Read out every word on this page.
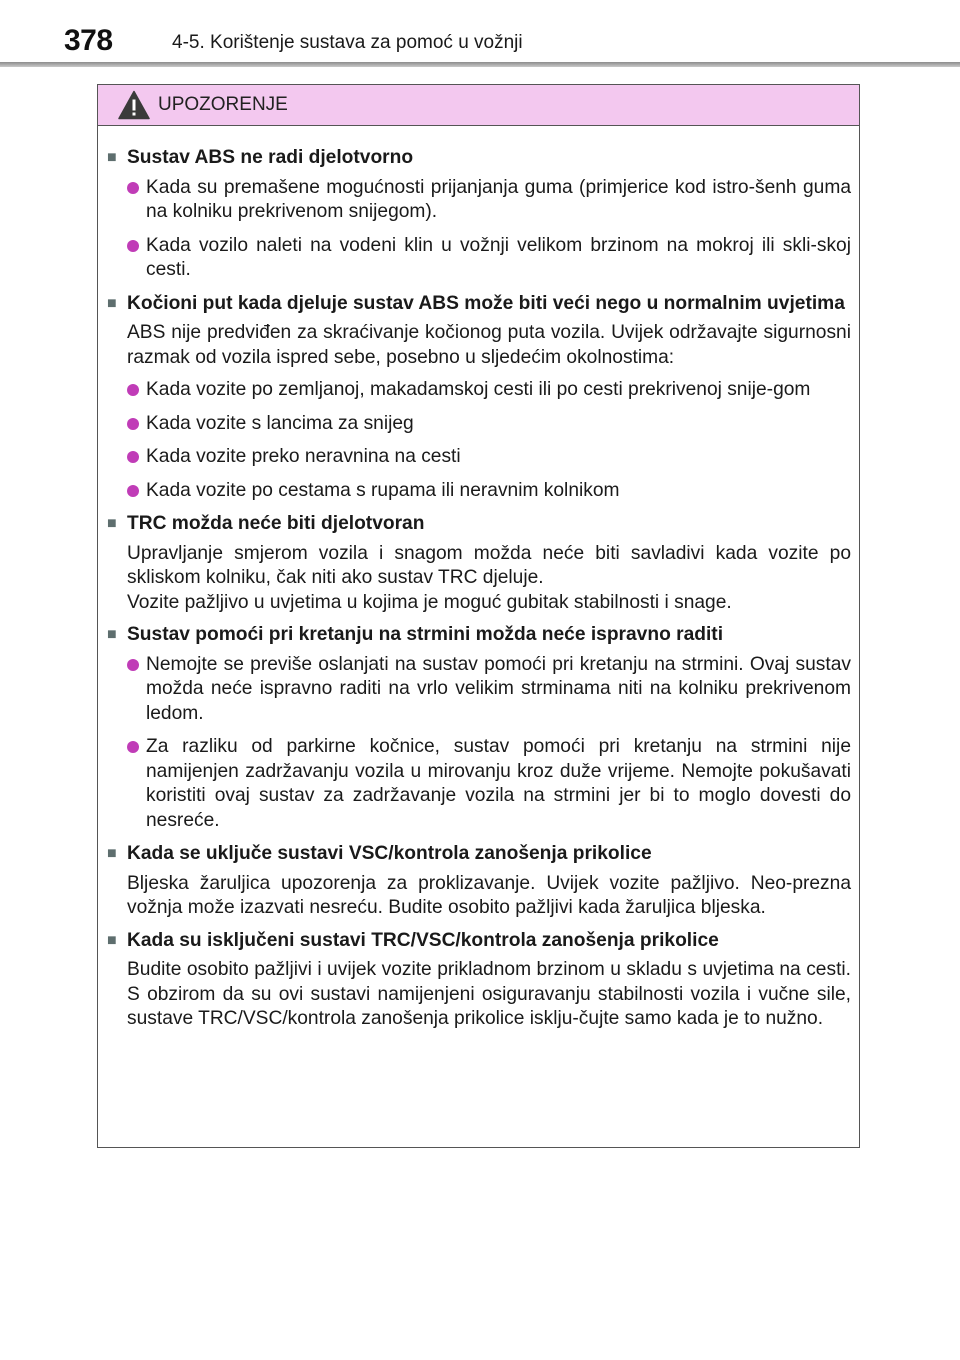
378	4-5. Korištenje sustava za pomoć u vožnji
UPOZORENJE
■ Sustav ABS ne radi djelotvorno
Kada su premašene mogućnosti prijanjanja guma (primjerice kod istro-šenh guma na kolniku prekrivenom snijegom).
Kada vozilo naleti na vodeni klin u vožnji velikom brzinom na mokroj ili skli-skoj cesti.
■ Kočioni put kada djeluje sustav ABS može biti veći nego u normalnim uvjetima
ABS nije predviđen za skraćivanje kočionog puta vozila. Uvijek održavajte sigurnosni razmak od vozila ispred sebe, posebno u sljedećim okolnostima:
Kada vozite po zemljanoj, makadamskoj cesti ili po cesti prekrivenoj snije-gom
Kada vozite s lancima za snijeg
Kada vozite preko neravnina na cesti
Kada vozite po cestama s rupama ili neravnim kolnikom
■ TRC možda neće biti djelotvoran
Upravljanje smjerom vozila i snagom možda neće biti savladivi kada vozite po skliskom kolniku, čak niti ako sustav TRC djeluje.
Vozite pažljivo u uvjetima u kojima je moguć gubitak stabilnosti i snage.
■ Sustav pomoći pri kretanju na strmini možda neće ispravno raditi
Nemojte se previše oslanjati na sustav pomoći pri kretanju na strmini. Ovaj sustav možda neće ispravno raditi na vrlo velikim strminama niti na kolniku prekrivenom ledom.
Za razliku od parkirne kočnice, sustav pomoći pri kretanju na strmini nije namijenjen zadržavanju vozila u mirovanju kroz duže vrijeme. Nemojte pokušavati koristiti ovaj sustav za zadržavanje vozila na strmini jer bi to moglo dovesti do nesreće.
■ Kada se uključe sustavi VSC/kontrola zanošenja prikolice
Bljeska žaruljica upozorenja za proklizavanje. Uvijek vozite pažljivo. Neo-prezna vožnja može izazvati nesreću. Budite osobito pažljivi kada žaruljica bljeska.
■ Kada su isključeni sustavi TRC/VSC/kontrola zanošenja prikolice
Budite osobito pažljivi i uvijek vozite prikladnom brzinom u skladu s uvjetima na cesti. S obzirom da su ovi sustavi namijenjeni osiguravanju stabilnosti vozila i vučne sile, sustave TRC/VSC/kontrola zanošenja prikolice isklju-čujte samo kada je to nužno.
